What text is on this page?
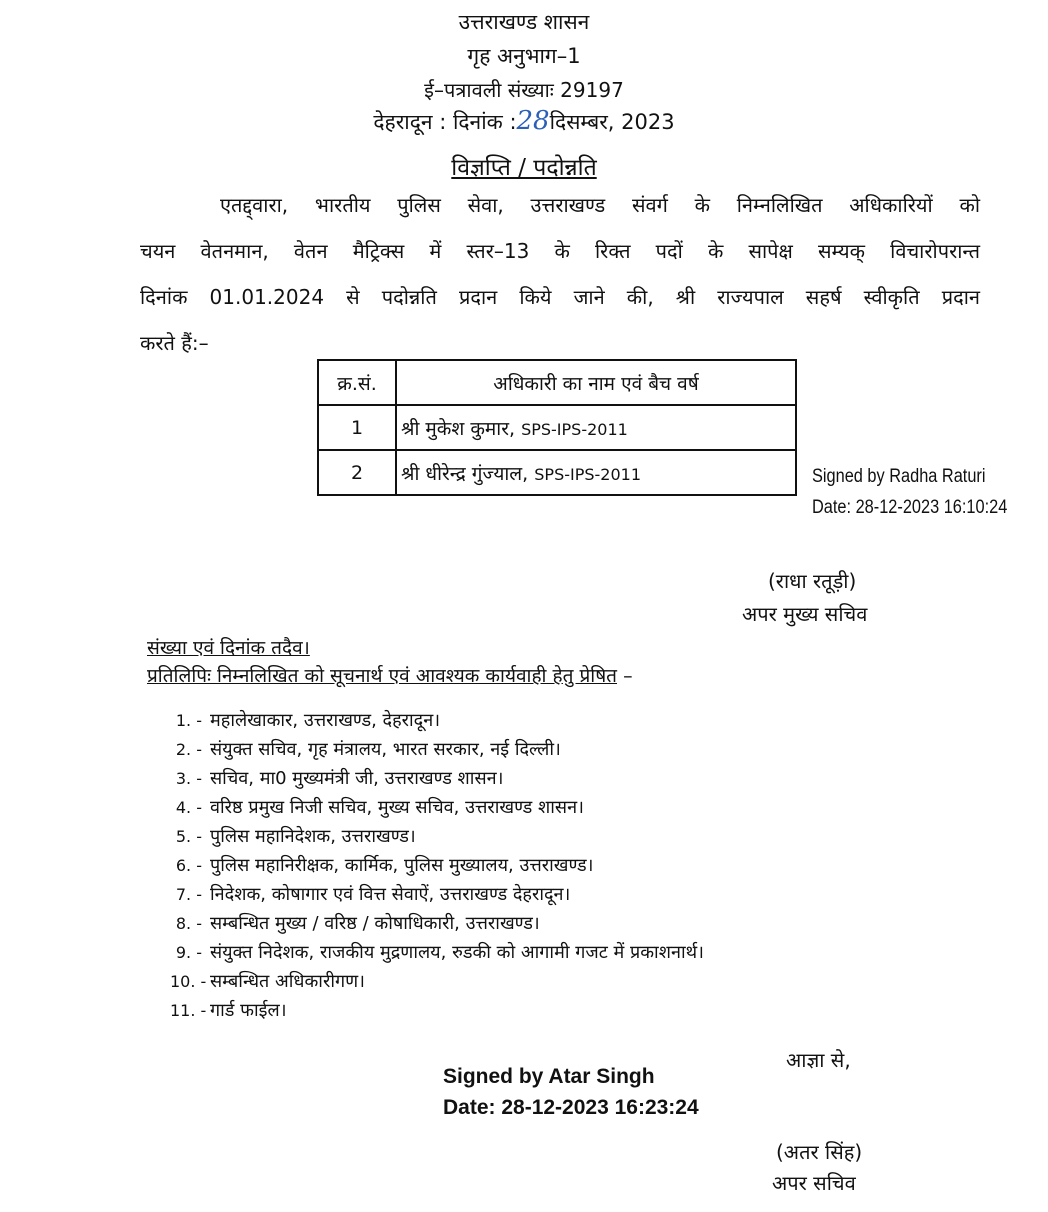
उत्तराखण्ड शासन
गृह अनुभाग–1
ई–पत्रावली संख्याः 29197
देहरादून : दिनांक :28दिसम्बर, 2023
विज्ञप्ति / पदोन्नति
एतद्द्वारा, भारतीय पुलिस सेवा, उत्तराखण्ड संवर्ग के निम्नलिखित अधिकारियों को
चयन वेतनमान, वेतन मैट्रिक्स में स्तर–13 के रिक्त पदों के सापेक्ष सम्यक् विचारोपरान्त
दिनांक 01.01.2024 से पदोन्नति प्रदान किये जाने की, श्री राज्यपाल सहर्ष स्वीकृति प्रदान
करते हैं:–
क्र.सं.	अधिकारी का नाम एवं बैच वर्ष
1	श्री मुकेश कुमार, SPS-IPS-2011
2	श्री धीरेन्द्र गुंज्याल, SPS-IPS-2011	Signed by Radha Raturi
Date: 28-12-2023 16:10:24
(राधा रतूड़ी)
अपर मुख्य सचिव
संख्या एवं दिनांक तदैव।
प्रतिलिपिः निम्नलिखित को सूचनार्थ एवं आवश्यक कार्यवाही हेतु प्रेषित –
1. - महालेखाकार, उत्तराखण्ड, देहरादून।
2. - संयुक्त सचिव, गृह मंत्रालय, भारत सरकार, नई दिल्ली।
3. - सचिव, मा0 मुख्यमंत्री जी, उत्तराखण्ड शासन।
4. - वरिष्ठ प्रमुख निजी सचिव, मुख्य सचिव, उत्तराखण्ड शासन।
5. - पुलिस महानिदेशक, उत्तराखण्ड।
6. - पुलिस महानिरीक्षक, कार्मिक, पुलिस मुख्यालय, उत्तराखण्ड।
7. - निदेशक, कोषागार एवं वित्त सेवाऐं, उत्तराखण्ड देहरादून।
8. - सम्बन्धित मुख्य / वरिष्ठ / कोषाधिकारी, उत्तराखण्ड।
9. - संयुक्त निदेशक, राजकीय मुद्रणालय, रुडकी को आगामी गजट में प्रकाशनार्थ।
10. - सम्बन्धित अधिकारीगण।
11. - गार्ड फाईल।
आज्ञा से,
Signed by Atar Singh
Date: 28-12-2023 16:23:24
(अतर सिंह)
अपर सचिव
